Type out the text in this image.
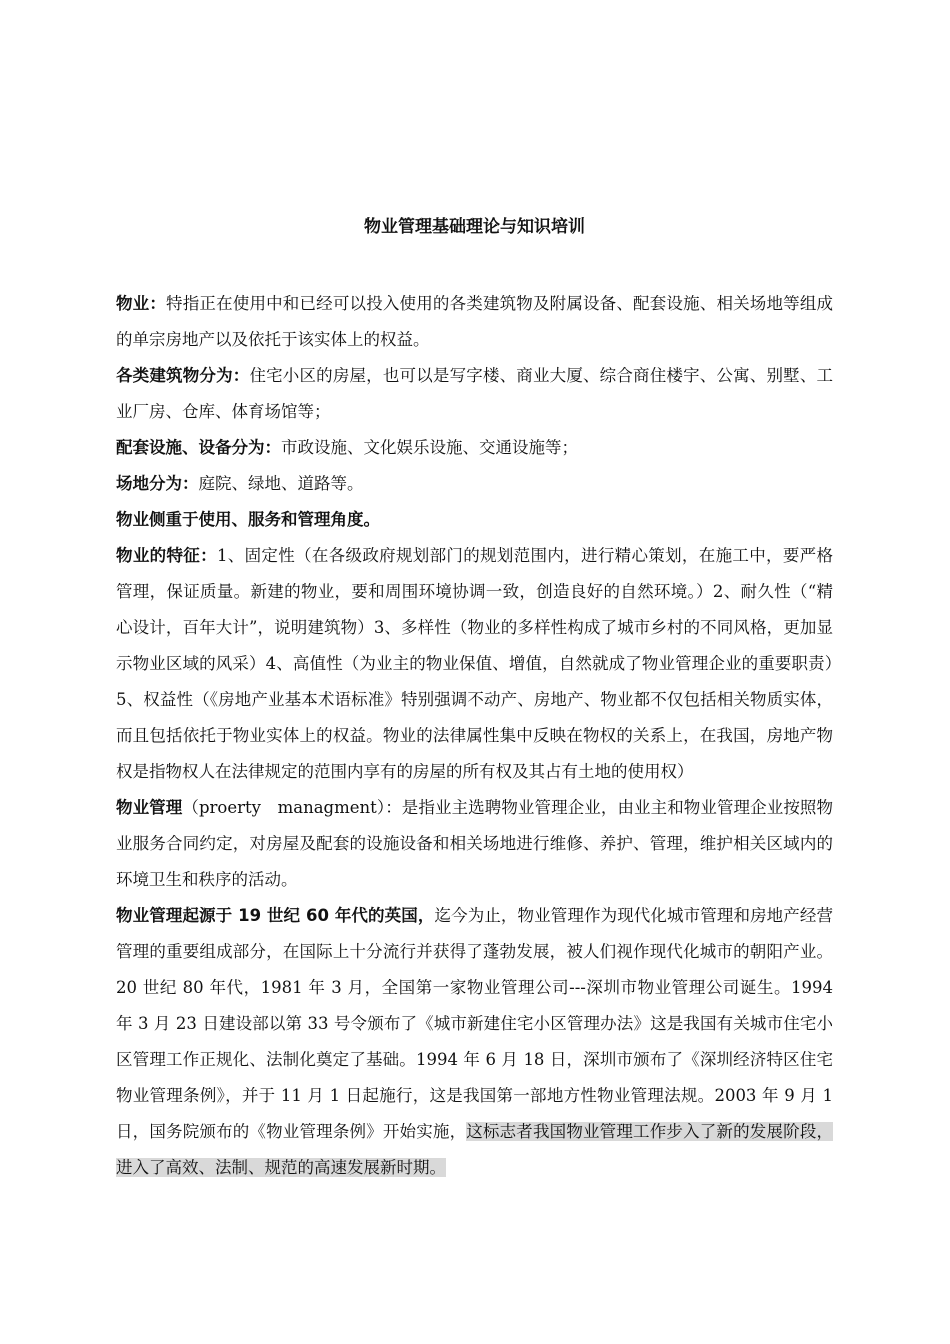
物业管理基础理论与知识培训

物业：特指正在使用中和已经可以投入使用的各类建筑物及附属设备、配套设施、相关场地等组成的单宗房地产以及依托于该实体上的权益。

各类建筑物分为：住宅小区的房屋，也可以是写字楼、商业大厦、综合商住楼宇、公寓、别墅、工业厂房、仓库、体育场馆等；

配套设施、设备分为：市政设施、文化娱乐设施、交通设施等；

场地分为：庭院、绿地、道路等。

物业侧重于使用、服务和管理角度。

物业的特征：1、固定性（在各级政府规划部门的规划范围内，进行精心策划，在施工中，要严格管理，保证质量。新建的物业，要和周围环境协调一致，创造良好的自然环境。）2、耐久性（“精心设计，百年大计”，说明建筑物）3、多样性（物业的多样性构成了城市乡村的不同风格，更加显示物业区域的风采）4、高值性（为业主的物业保值、增值，自然就成了物业管理企业的重要职责）5、权益性（《房地产业基本术语标准》特别强调不动产、房地产、物业都不仅包括相关物质实体，而且包括依托于物业实体上的权益。物业的法律属性集中反映在物权的关系上，在我国，房地产物权是指物权人在法律规定的范围内享有的房屋的所有权及其占有土地的使用权）

物业管理（proerty　managment）：是指业主选聘物业管理企业，由业主和物业管理企业按照物业服务合同约定，对房屋及配套的设施设备和相关场地进行维修、养护、管理，维护相关区域内的环境卫生和秩序的活动。

物业管理起源于 19 世纪 60 年代的英国，迄今为止，物业管理作为现代化城市管理和房地产经营管理的重要组成部分，在国际上十分流行并获得了蓬勃发展，被人们视作现代化城市的朝阳产业。20 世纪 80 年代，1981 年 3 月，全国第一家物业管理公司---深圳市物业管理公司诞生。1994 年 3 月 23 日建设部以第 33 号令颁布了《城市新建住宅小区管理办法》这是我国有关城市住宅小区管理工作正规化、法制化奠定了基础。1994 年 6 月 18 日，深圳市颁布了《深圳经济特区住宅物业管理条例》，并于 11 月 1 日起施行，这是我国第一部地方性物业管理法规。2003 年 9 月 1 日，国务院颁布的《物业管理条例》开始实施，这标志者我国物业管理工作步入了新的发展阶段，进入了高效、法制、规范的高速发展新时期。
